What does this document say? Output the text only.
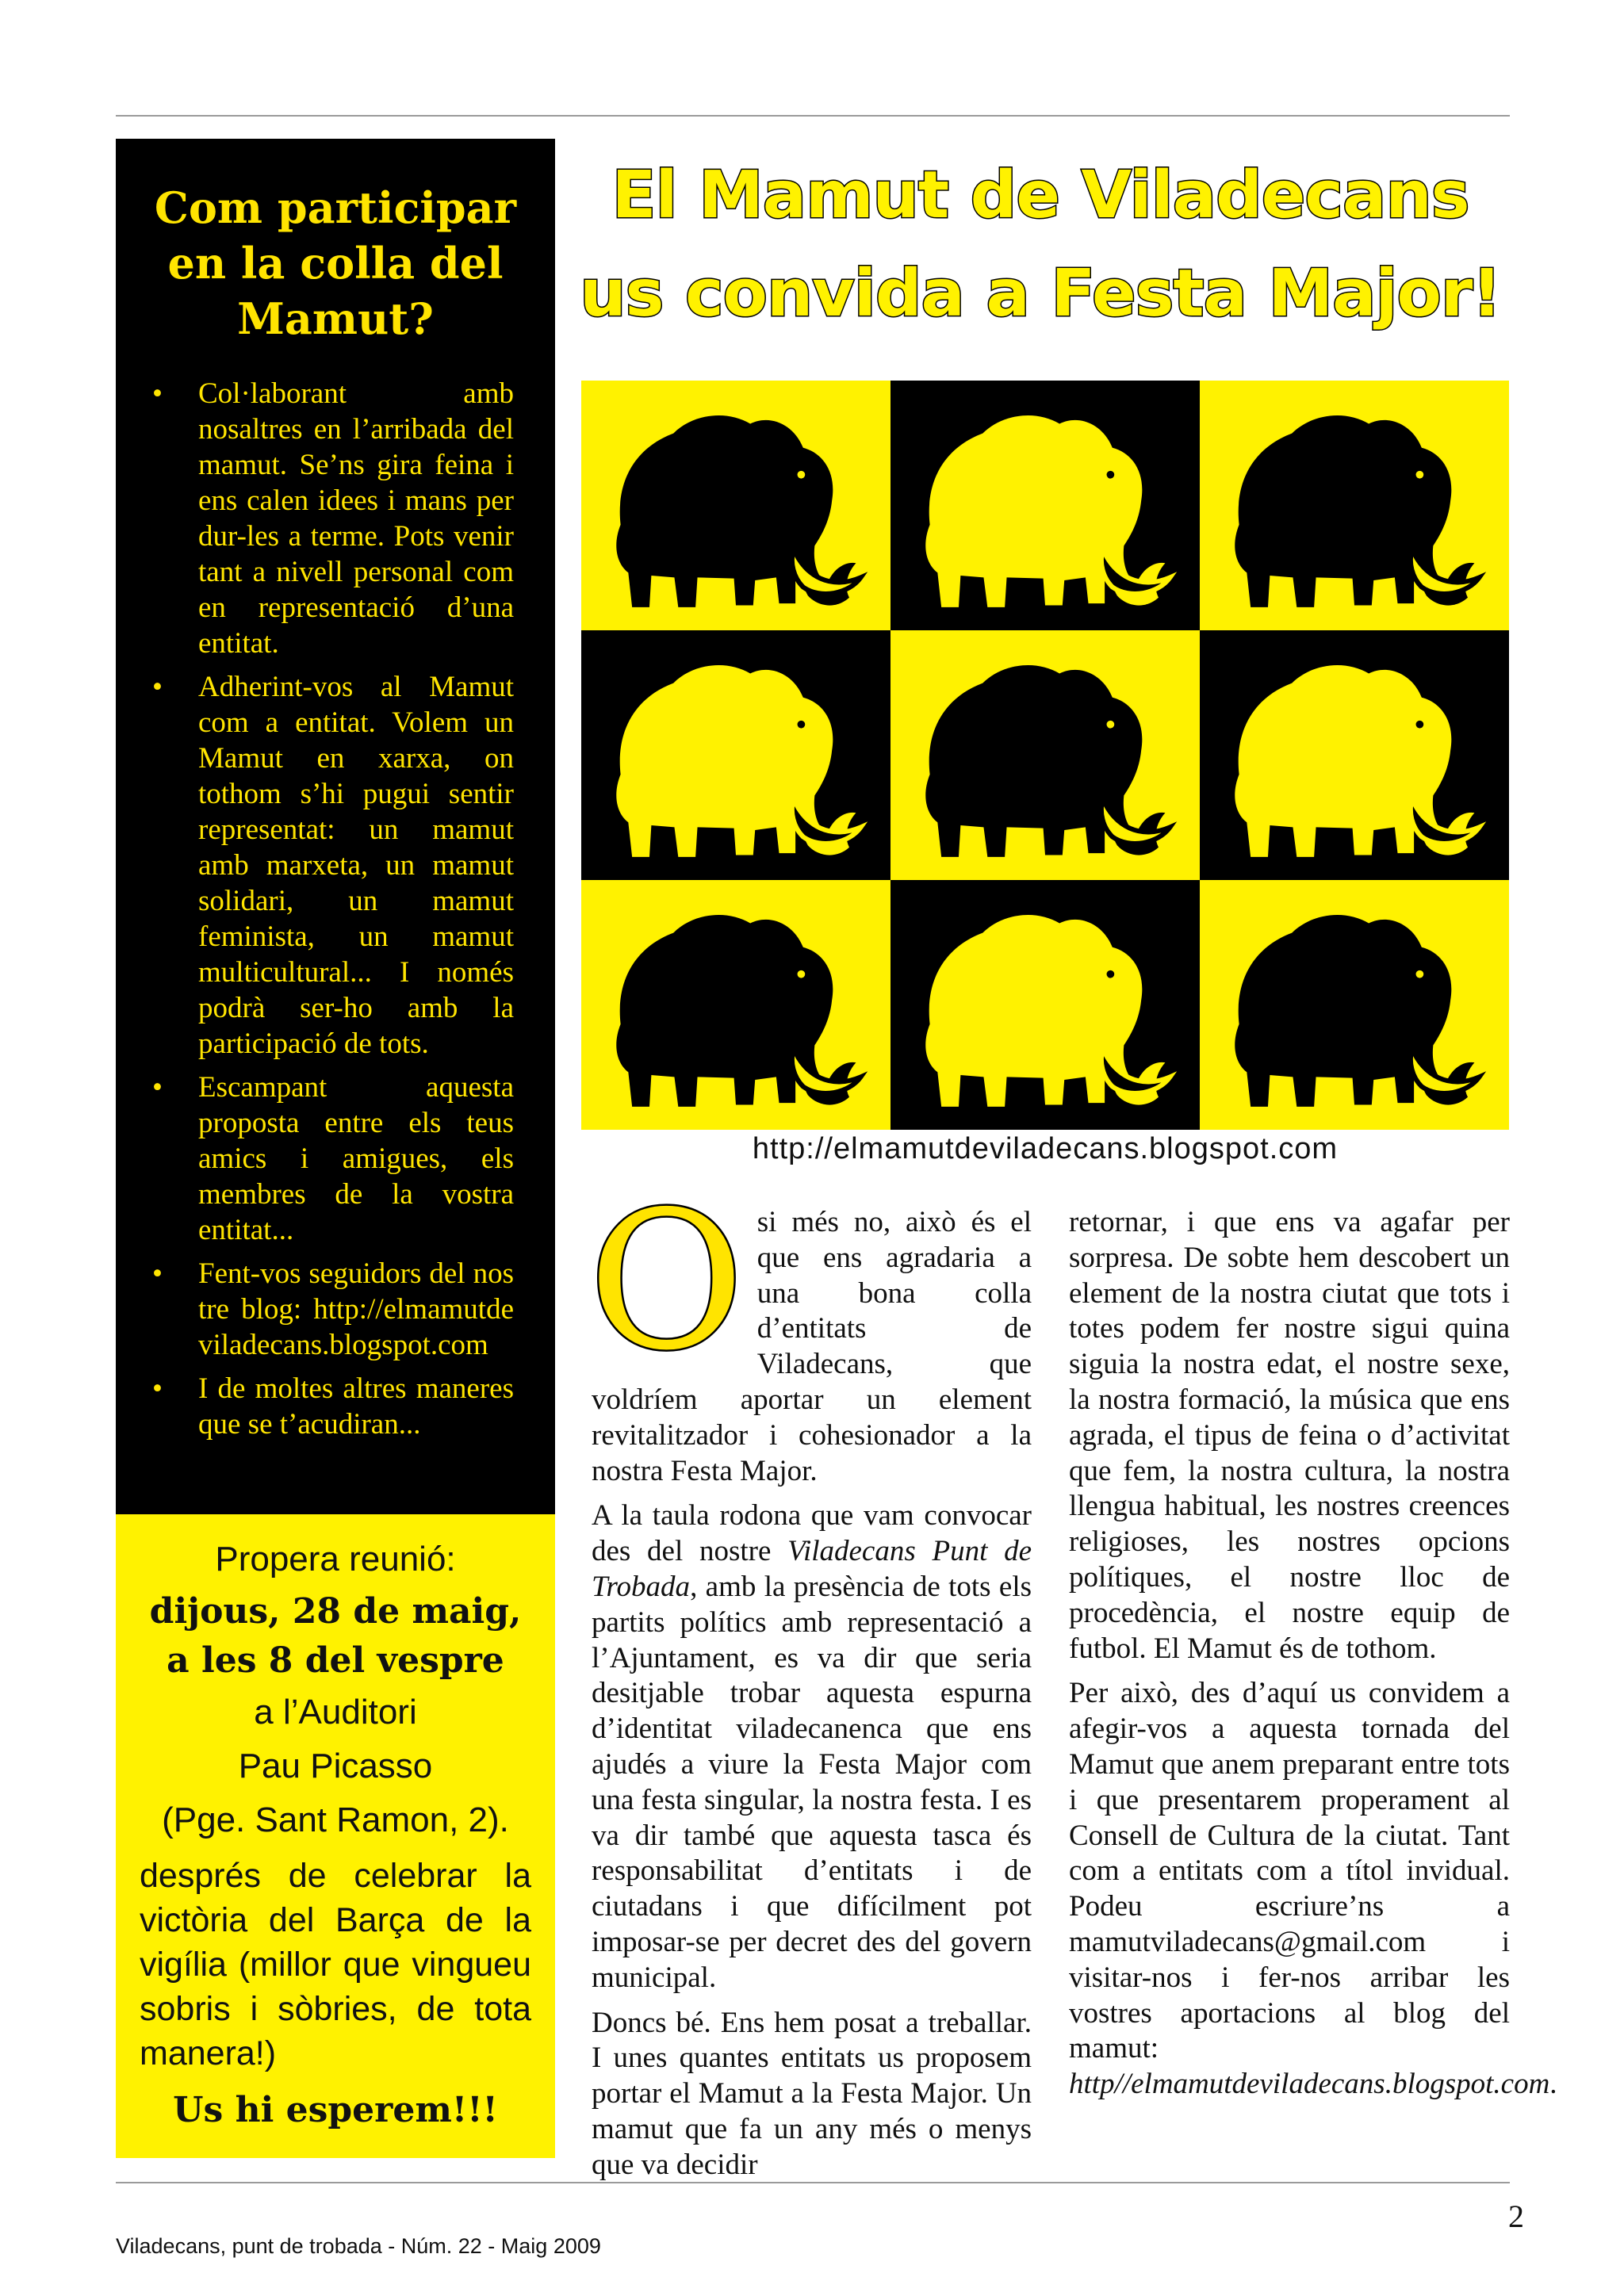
Com participar en la colla del Mamut?
• Col·laborant amb nosaltres en l’arribada del mamut. Se’ns gira feina i ens calen idees i mans per dur-les a terme. Pots venir tant a nivell personal com en representació d’una entitat.
• Adherint-vos al Mamut com a entitat. Volem un Mamut en xarxa, on tothom s’hi pugui sentir representat: un mamut amb marxeta, un mamut solidari, un mamut feminista, un mamut multicultural... I només podrà ser-ho amb la participació de tots.
• Escampant aquesta proposta entre els teus amics i amigues, els membres de la vostra entitat...
• Fent-vos seguidors del nostre blog: http://elmamutdeviladecans.blogspot.com
• I de moltes altres maneres que se t’acudiran...
Propera reunió:
dijous, 28 de maig,
a les 8 del vespre
a l’Auditori
Pau Picasso
(Pge. Sant Ramon, 2).
després de celebrar la victòria del Barça de la vigília (millor que vingueu sobris i sòbries, de tota manera!)
Us hi esperem!!!
El Mamut de Viladecans
us convida a Festa Major!
http://elmamutdeviladecans.blogspot.com

Osi més no, això és el que ens agradaria a una bona colla d’entitats de Viladecans, que voldríem aportar un element revitalitzador i cohesionador a la nostra Festa Major.

A la taula rodona que vam convocar des del nostre Viladecans Punt de Trobada, amb la presència de tots els partits polítics amb representació a l’Ajuntament, es va dir que seria desitjable trobar aquesta espurna d’identitat viladecanenca que ens ajudés a viure la Festa Major com una festa singular, la nostra festa. I es va dir també que aquesta tasca és responsabilitat d’entitats i de ciutadans i que difícilment pot imposar-se per decret des del govern municipal.

Doncs bé. Ens hem posat a treballar. I unes quantes entitats us proposem portar el Mamut a la Festa Major. Un mamut que fa un any més o menys que va decidir

retornar, i que ens va agafar per sorpresa. De sobte hem descobert un element de la nostra ciutat que tots i totes podem fer nostre sigui quina siguia la nostra edat, el nostre sexe, la nostra formació, la música que ens agrada, el tipus de feina o d’activitat que fem, la nostra cultura, la nostra llengua habitual, les nostres creences religioses, les nostres opcions polítiques, el nostre lloc de procedència, el nostre equip de futbol. El Mamut és de tothom.

Per això, des d’aquí us convidem a afegir-vos a aquesta tornada del Mamut que anem preparant entre tots i que presentarem properament al Consell de Cultura de la ciutat. Tant com a entitats com a títol invidual. Podeu escriure’ns a mamutviladecans@gmail.com i visitar-nos i fer-nos arribar les vostres aportacions al blog del mamut: http//elmamutdeviladecans.blogspot.com.

Viladecans, punt de trobada - Núm. 22 - Maig 2009
2
